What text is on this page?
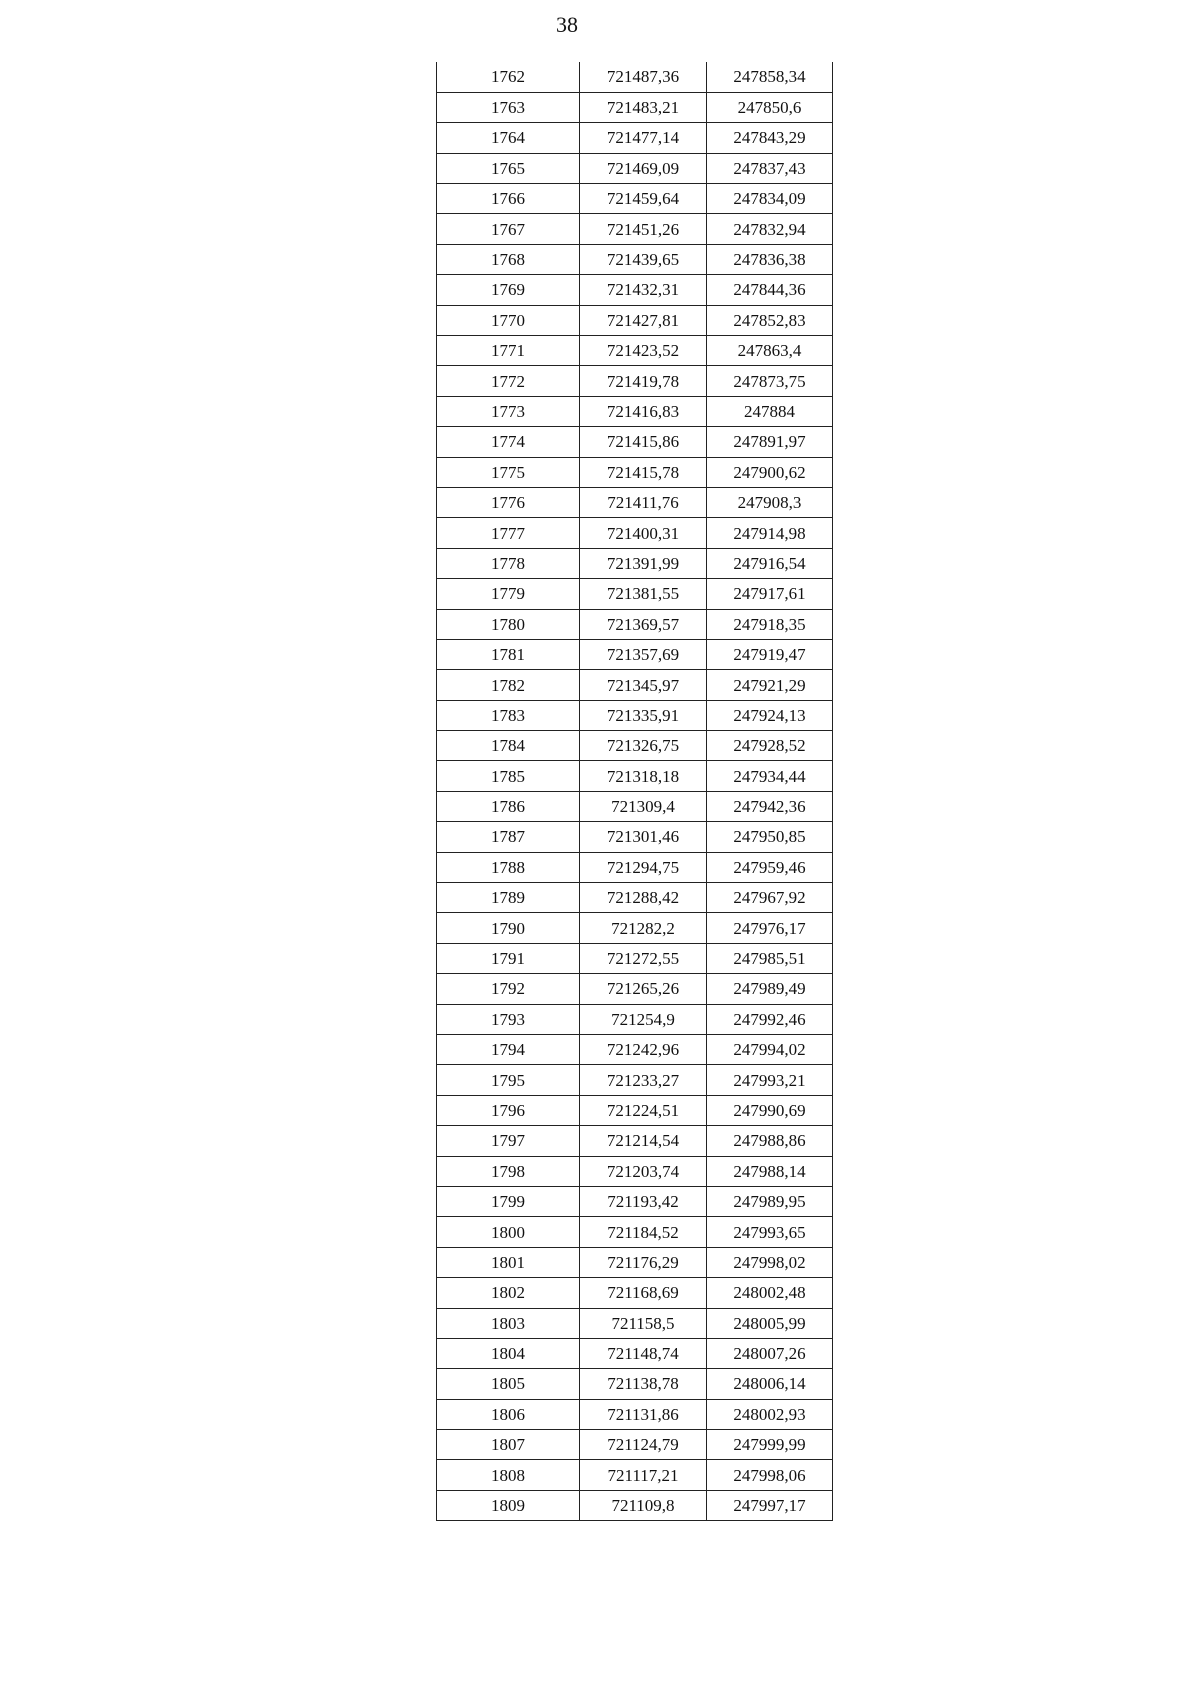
38
1762	721487,36	247858,34
1763	721483,21	247850,6
1764	721477,14	247843,29
1765	721469,09	247837,43
1766	721459,64	247834,09
1767	721451,26	247832,94
1768	721439,65	247836,38
1769	721432,31	247844,36
1770	721427,81	247852,83
1771	721423,52	247863,4
1772	721419,78	247873,75
1773	721416,83	247884
1774	721415,86	247891,97
1775	721415,78	247900,62
1776	721411,76	247908,3
1777	721400,31	247914,98
1778	721391,99	247916,54
1779	721381,55	247917,61
1780	721369,57	247918,35
1781	721357,69	247919,47
1782	721345,97	247921,29
1783	721335,91	247924,13
1784	721326,75	247928,52
1785	721318,18	247934,44
1786	721309,4	247942,36
1787	721301,46	247950,85
1788	721294,75	247959,46
1789	721288,42	247967,92
1790	721282,2	247976,17
1791	721272,55	247985,51
1792	721265,26	247989,49
1793	721254,9	247992,46
1794	721242,96	247994,02
1795	721233,27	247993,21
1796	721224,51	247990,69
1797	721214,54	247988,86
1798	721203,74	247988,14
1799	721193,42	247989,95
1800	721184,52	247993,65
1801	721176,29	247998,02
1802	721168,69	248002,48
1803	721158,5	248005,99
1804	721148,74	248007,26
1805	721138,78	248006,14
1806	721131,86	248002,93
1807	721124,79	247999,99
1808	721117,21	247998,06
1809	721109,8	247997,17
